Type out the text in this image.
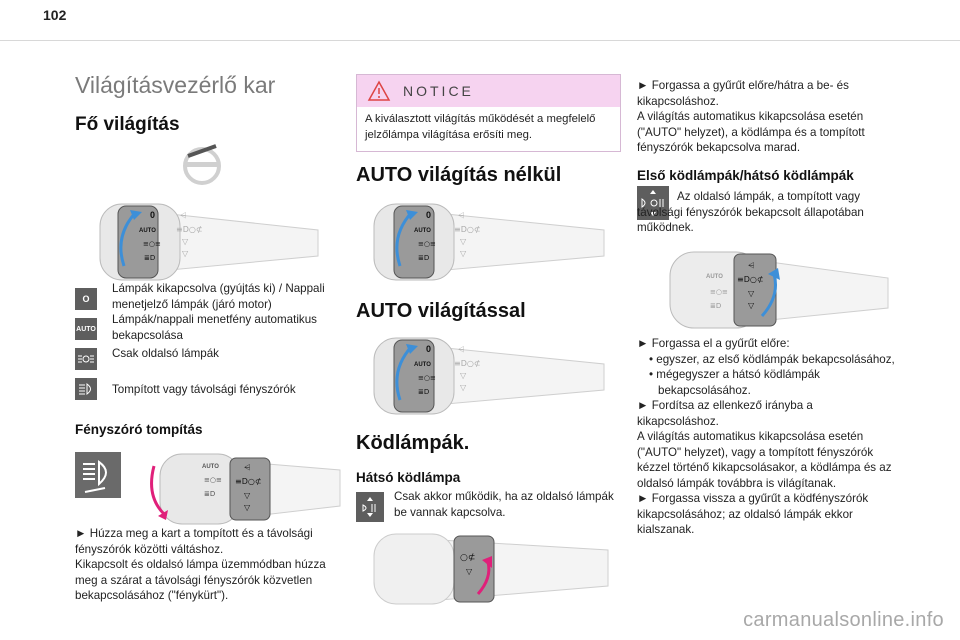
102
Világításvezérlő kar
Fő világítás
0
AUTO
≡○≡
≣D
⩤
≡D○⊄
▽
▽
O
AUTO
Lámpák kikapcsolva (gyújtás ki) / Nappali menetjelző lámpák (járó motor)
Lámpák/nappali menetfény automatikus bekapcsolása
Csak oldalsó lámpák
Tompított vagy távolsági fényszórók
Fényszóró tompítás
AUTO
≡○≡
≣D
⩤
≡D○⊄
▽
▽
► Húzza meg a kart a tompított és a távolsági fényszórók közötti váltáshoz.
Kikapcsolt és oldalsó lámpa üzemmódban húzza meg a szárat a távolsági fényszórók közvetlen bekapcsolásához ("fénykürt").
NOTICE
A kiválasztott világítás működését a megfelelő jelzőlámpa világítása erősíti meg.
AUTO világítás nélkül
0
AUTO
≡○≡
≣D
⩤
≡D○⊄
▽
▽
AUTO világítással
0
AUTO
≡○≡
≣D
⩤
≡D○⊄
▽
▽
Ködlámpák.
Hátsó ködlámpa
Csak akkor működik, ha az oldalsó lámpák be vannak kapcsolva.
○⊄
▽
► Forgassa a gyűrűt előre/hátra a be- és kikapcsoláshoz.
A világítás automatikus kikapcsolása esetén ("AUTO" helyzet), a ködlámpa és a tompított fényszórók bekapcsolva marad.
Első ködlámpák/hátsó ködlámpák
Az oldalsó lámpák, a tompított vagy távolsági fényszórók bekapcsolt állapotában működnek.
AUTO
≡○≡
≣D
⩤
≡D○⊄
▽
▽
► Forgassa el a gyűrűt előre:
• egyszer, az első ködlámpák bekapcsolásához,
• mégegyszer a hátsó ködlámpák bekapcsolásához.
► Fordítsa az ellenkező irányba a kikapcsoláshoz.
A világítás automatikus kikapcsolása esetén ("AUTO" helyzet), vagy a tompított fényszórók kézzel történő kikapcsolásakor, a ködlámpa és az oldalsó lámpák továbbra is világítanak.
► Forgassa vissza a gyűrűt a ködfényszórók kikapcsolásához; az oldalsó lámpák ekkor kialszanak.
carmanualsonline.info
